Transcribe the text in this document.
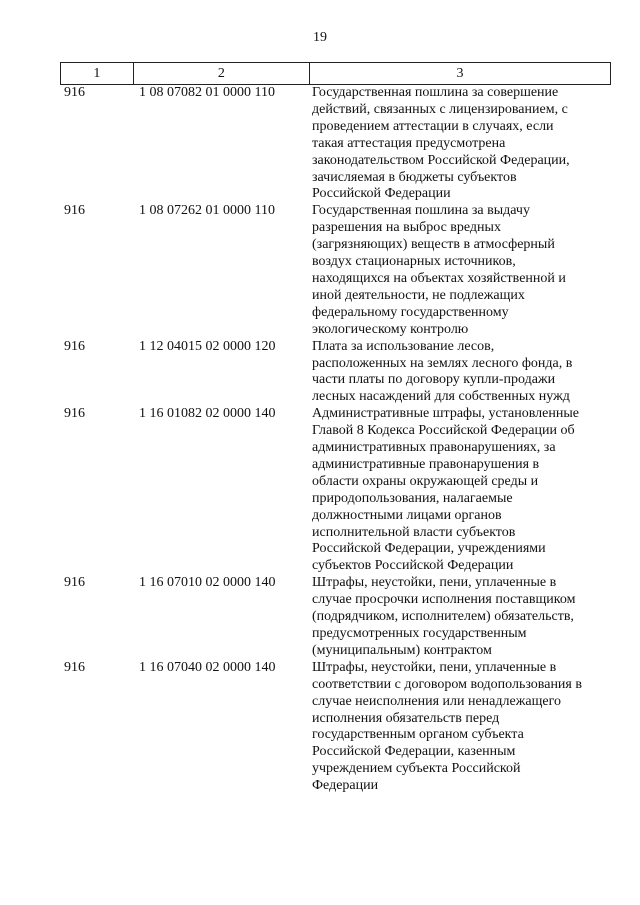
19
1	2	3
916	1 08 07082 01 0000 110	Государственная пошлина за совершение
действий, связанных с лицензированием, с
проведением аттестации в случаях, если
такая аттестация предусмотрена
законодательством Российской Федерации,
зачисляемая в бюджеты субъектов
Российской Федерации
916	1 08 07262 01 0000 110	Государственная пошлина за выдачу
разрешения на выброс вредных
(загрязняющих) веществ в атмосферный
воздух стационарных источников,
находящихся на объектах хозяйственной и
иной деятельности, не подлежащих
федеральному государственному
экологическому контролю
916	1 12 04015 02 0000 120	Плата за использование лесов,
расположенных на землях лесного фонда, в
части платы по договору купли-продажи
лесных насаждений для собственных нужд
916	1 16 01082 02 0000 140	Административные штрафы, установленные
Главой 8 Кодекса Российской Федерации об
административных правонарушениях, за
административные правонарушения в
области охраны окружающей среды и
природопользования, налагаемые
должностными лицами органов
исполнительной власти субъектов
Российской Федерации, учреждениями
субъектов Российской Федерации
916	1 16 07010 02 0000 140	Штрафы, неустойки, пени, уплаченные в
случае просрочки исполнения поставщиком
(подрядчиком, исполнителем) обязательств,
предусмотренных государственным
(муниципальным) контрактом
916	1 16 07040 02 0000 140	Штрафы, неустойки, пени, уплаченные в
соответствии с договором водопользования в
случае неисполнения или ненадлежащего
исполнения обязательств перед
государственным органом субъекта
Российской Федерации, казенным
учреждением субъекта Российской
Федерации
